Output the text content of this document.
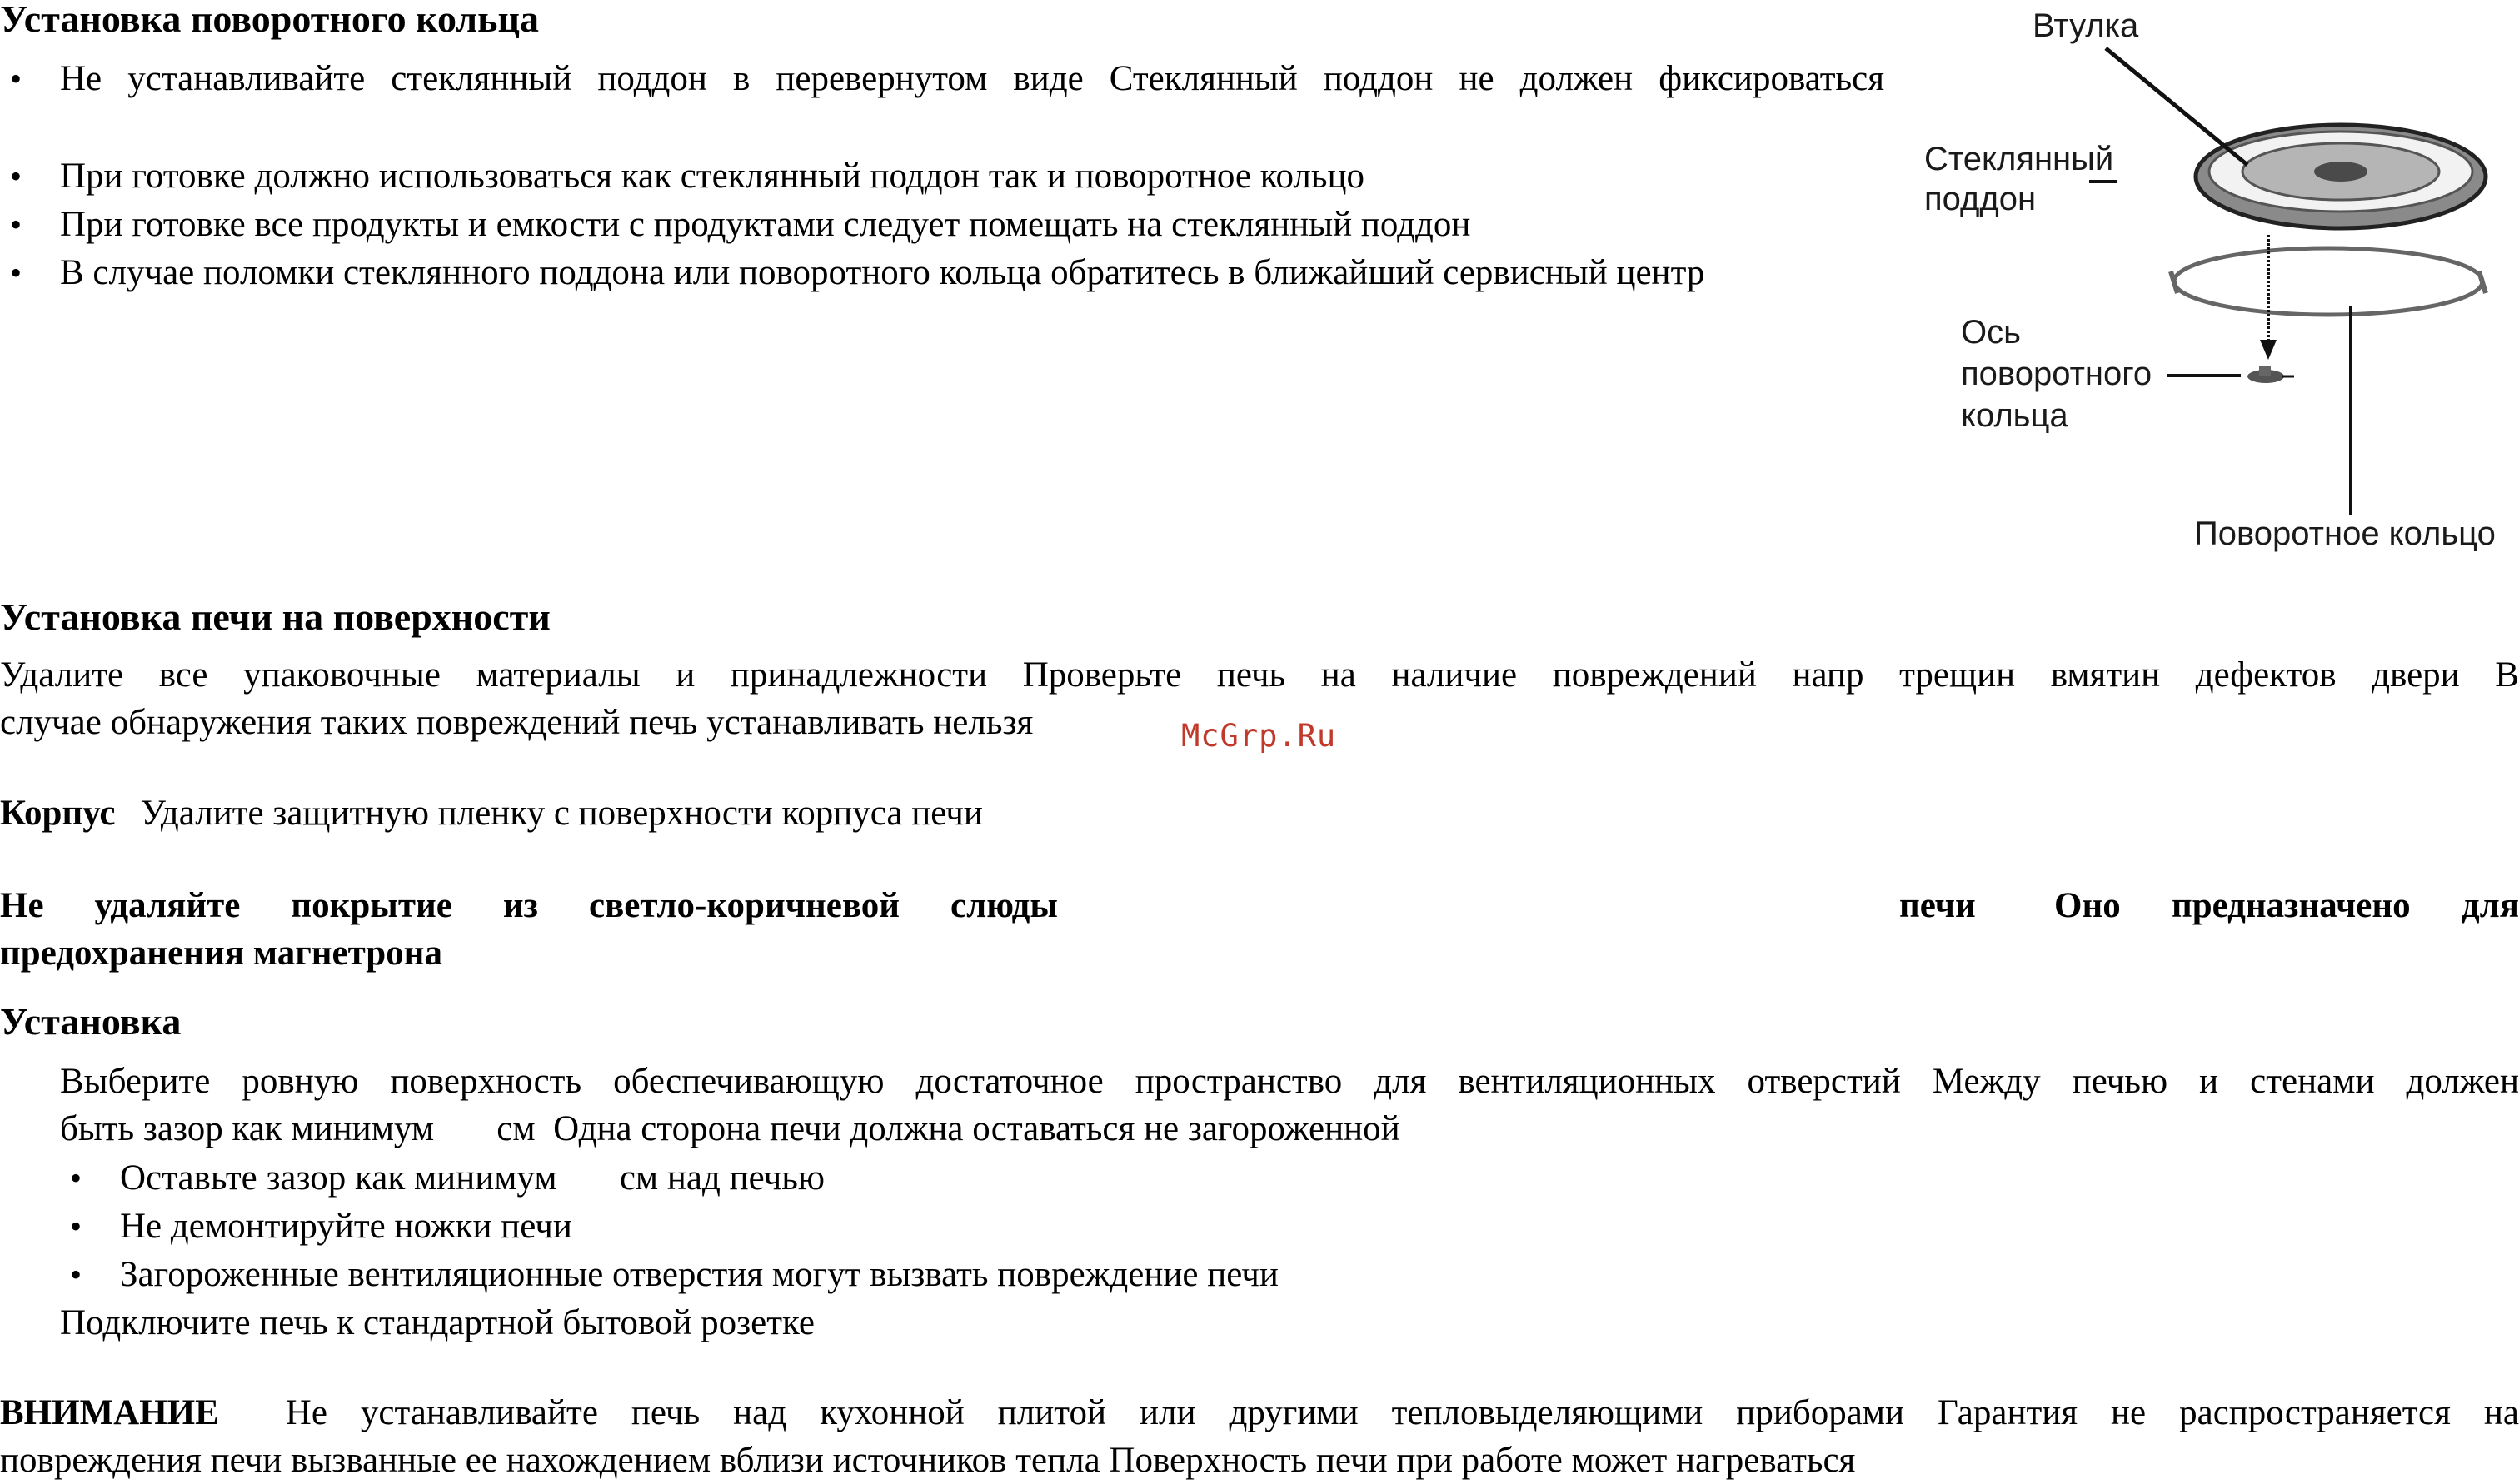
Установка поворотного кольца
• Не устанавливайте стеклянный поддон в перевернутом виде Стеклянный поддон не должен фиксироваться
• При готовке должно использоваться как стеклянный поддон так и поворотное кольцо
• При готовке все продукты и емкости с продуктами следует помещать на стеклянный поддон
• В случае поломки стеклянного поддона или поворотного кольца обратитесь в ближайший сервисный центр
Втулка
Стеклянный
поддон
Ось
поворотного
кольца
Поворотное кольцо
Установка печи на поверхности
Удалите все упаковочные материалы и принадлежности Проверьте печь на наличие повреждений напр трещин вмятин дефектов двери В
случае обнаружения таких повреждений печь устанавливать нельзя	McGrp.Ru
Корпус Удалите защитную пленку с поверхности корпуса печи
Не удаляйте покрытие из светло-коричневой слюды	печи Оно предназначено для
предохранения магнетрона
Установка
Выберите ровную поверхность обеспечивающую достаточное пространство для вентиляционных отверстий Между печью и стенами должен
быть зазор как минимум       см  Одна сторона печи должна оставаться не загороженной
• Оставьте зазор как минимум       см над печью
• Не демонтируйте ножки печи
• Загороженные вентиляционные отверстия могут вызвать повреждение печи
Подключите печь к стандартной бытовой розетке
ВНИМАНИЕ Не устанавливайте печь над кухонной плитой или другими тепловыделяющими приборами Гарантия не распространяется на
повреждения печи вызванные ее нахождением вблизи источников тепла Поверхность печи при работе может нагреваться
